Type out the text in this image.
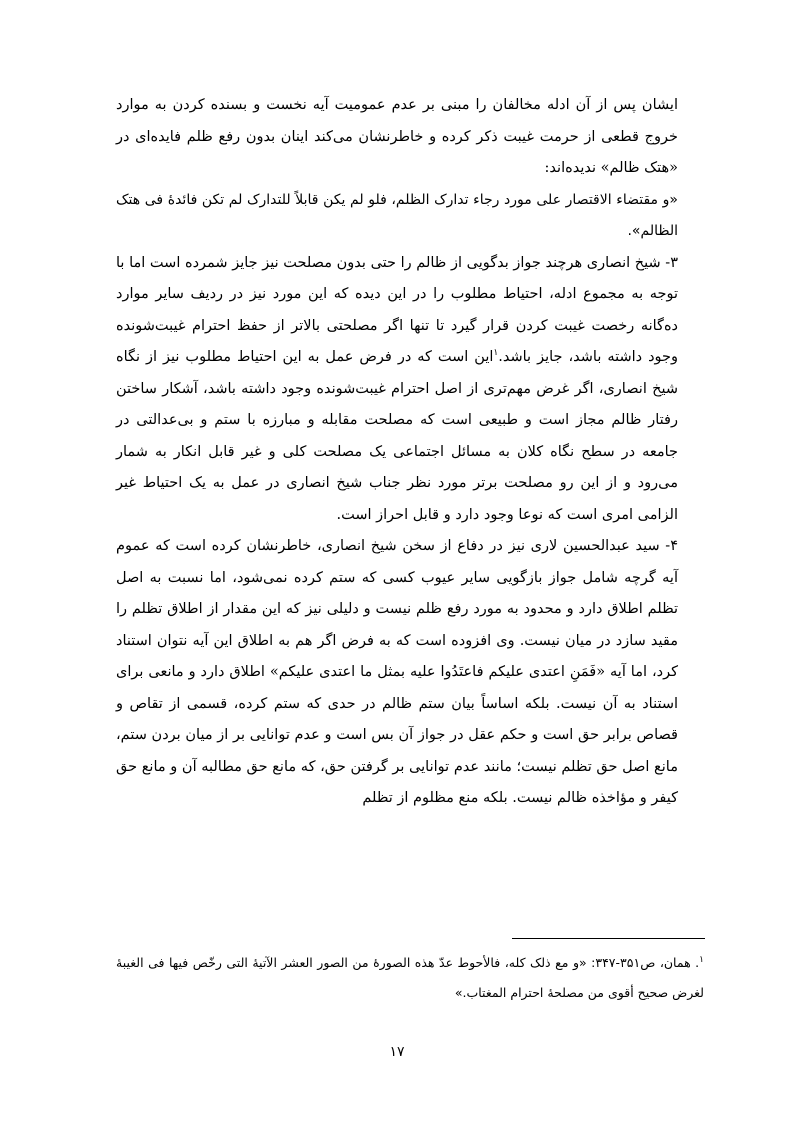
ایشان پس از آن ادله مخالفان را مبنی بر عدم عمومیت آیه نخست و بسنده کردن به موارد خروج قطعی از حرمت غیبت ذکر کرده و خاطرنشان می‌کند اینان بدون رفع ظلم فایده‌ای در «هتک ظالم» ندیده‌اند:

«و مقتضاء الاقتصار علی مورد رجاء تدارک الظلم، فلو لم یکن قابلاً للتدارک لم تکن فائدهٔ فی هتک الظالم».

۳- شیخ انصاری هرچند جواز بدگویی از ظالم را حتی بدون مصلحت نیز جایز شمرده است اما با توجه به مجموع ادله، احتیاط مطلوب را در این دیده که این مورد نیز در ردیف سایر موارد ده‌گانه رخصت غیبت کردن قرار گیرد تا تنها اگر مصلحتی بالاتر از حفظ احترام غیبت‌شونده وجود داشته باشد، جایز باشد.$^۱$این است که در فرض عمل به این احتیاط مطلوب نیز از نگاه شیخ انصاری، اگر غرض مهم‌تری از اصل احترام غیبت‌شونده وجود داشته باشد، آشکار ساختن رفتار ظالم مجاز است و طبیعی است که مصلحت مقابله و مبارزه با ستم و بی‌عدالتی در جامعه در سطح نگاه کلان به مسائل اجتماعی یک مصلحت کلی و غیر قابل انکار به شمار می‌رود و از این رو مصلحت برتر مورد نظر جناب شیخ انصاری در عمل به یک احتیاط غیر الزامی امری است که نوعا وجود دارد و قابل احراز است.

۴- سید عبدالحسین لاری نیز در دفاع از سخن شیخ انصاری، خاطرنشان کرده است که عموم آیه گرچه شامل جواز بازگویی سایر عیوب کسی که ستم کرده نمی‌شود، اما نسبت به اصل تظلم اطلاق دارد و محدود به مورد رفع ظلم نیست و دلیلی نیز که این مقدار از اطلاق تظلم را مقید سازد در میان نیست. وی افزوده است که به فرض اگر هم به اطلاق این آیه نتوان استناد کرد، اما آیه «فَمَنِ اعتدی علیکم فاعتَدُوا علیه بمثل ما اعتدی علیکم» اطلاق دارد و مانعی برای استناد به آن نیست. بلکه اساساً بیان ستم ظالم در حدی که ستم کرده، قسمی از تقاص و قصاص برابر حق است و حکم عقل در جواز آن بس است و عدم توانایی بر از میان بردن ستم، مانع اصل حق تظلم نیست؛ مانند عدم توانایی بر گرفتن حق، که مانع حق مطالبه آن و مانع حق کیفر و مؤاخذه ظالم نیست. بلکه منع مظلوم از تظلم

$^۱$. همان، ص۳۵۱-۳۴۷: «و مع ذلک کله، فالأحوط عدّ هذه الصورهٔ من الصور العشر الآتیهٔ التی رخّص فیها فی الغیبهٔ لغرض صحیح أقوی من مصلحهٔ احترام المغتاب.»

۱۷
